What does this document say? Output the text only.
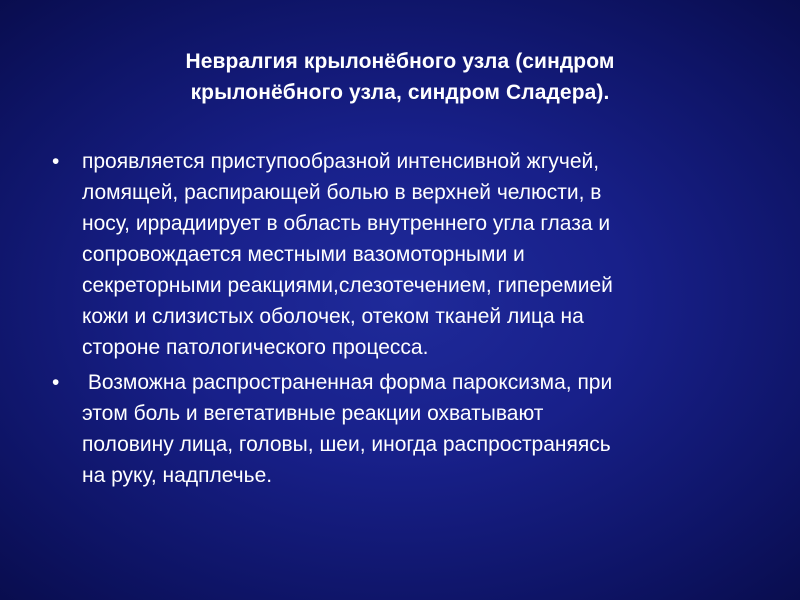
Невралгия крылонёбного узла (синдром
крылонёбного узла, синдром Сладера).
• проявляется приступообразной интенсивной жгучей,
ломящей, распирающей болью в верхней челюсти, в
носу, иррадиирует в область внутреннего угла глаза и
сопровождается местными вазомоторными и
секреторными реакциями,слезотечением, гиперемией
кожи и слизистых оболочек, отеком тканей лица на
стороне патологического процесса.
• Возможна распространенная форма пароксизма, при
этом боль и вегетативные реакции охватывают
половину лица, головы, шеи, иногда распространяясь
на руку, надплечье.
